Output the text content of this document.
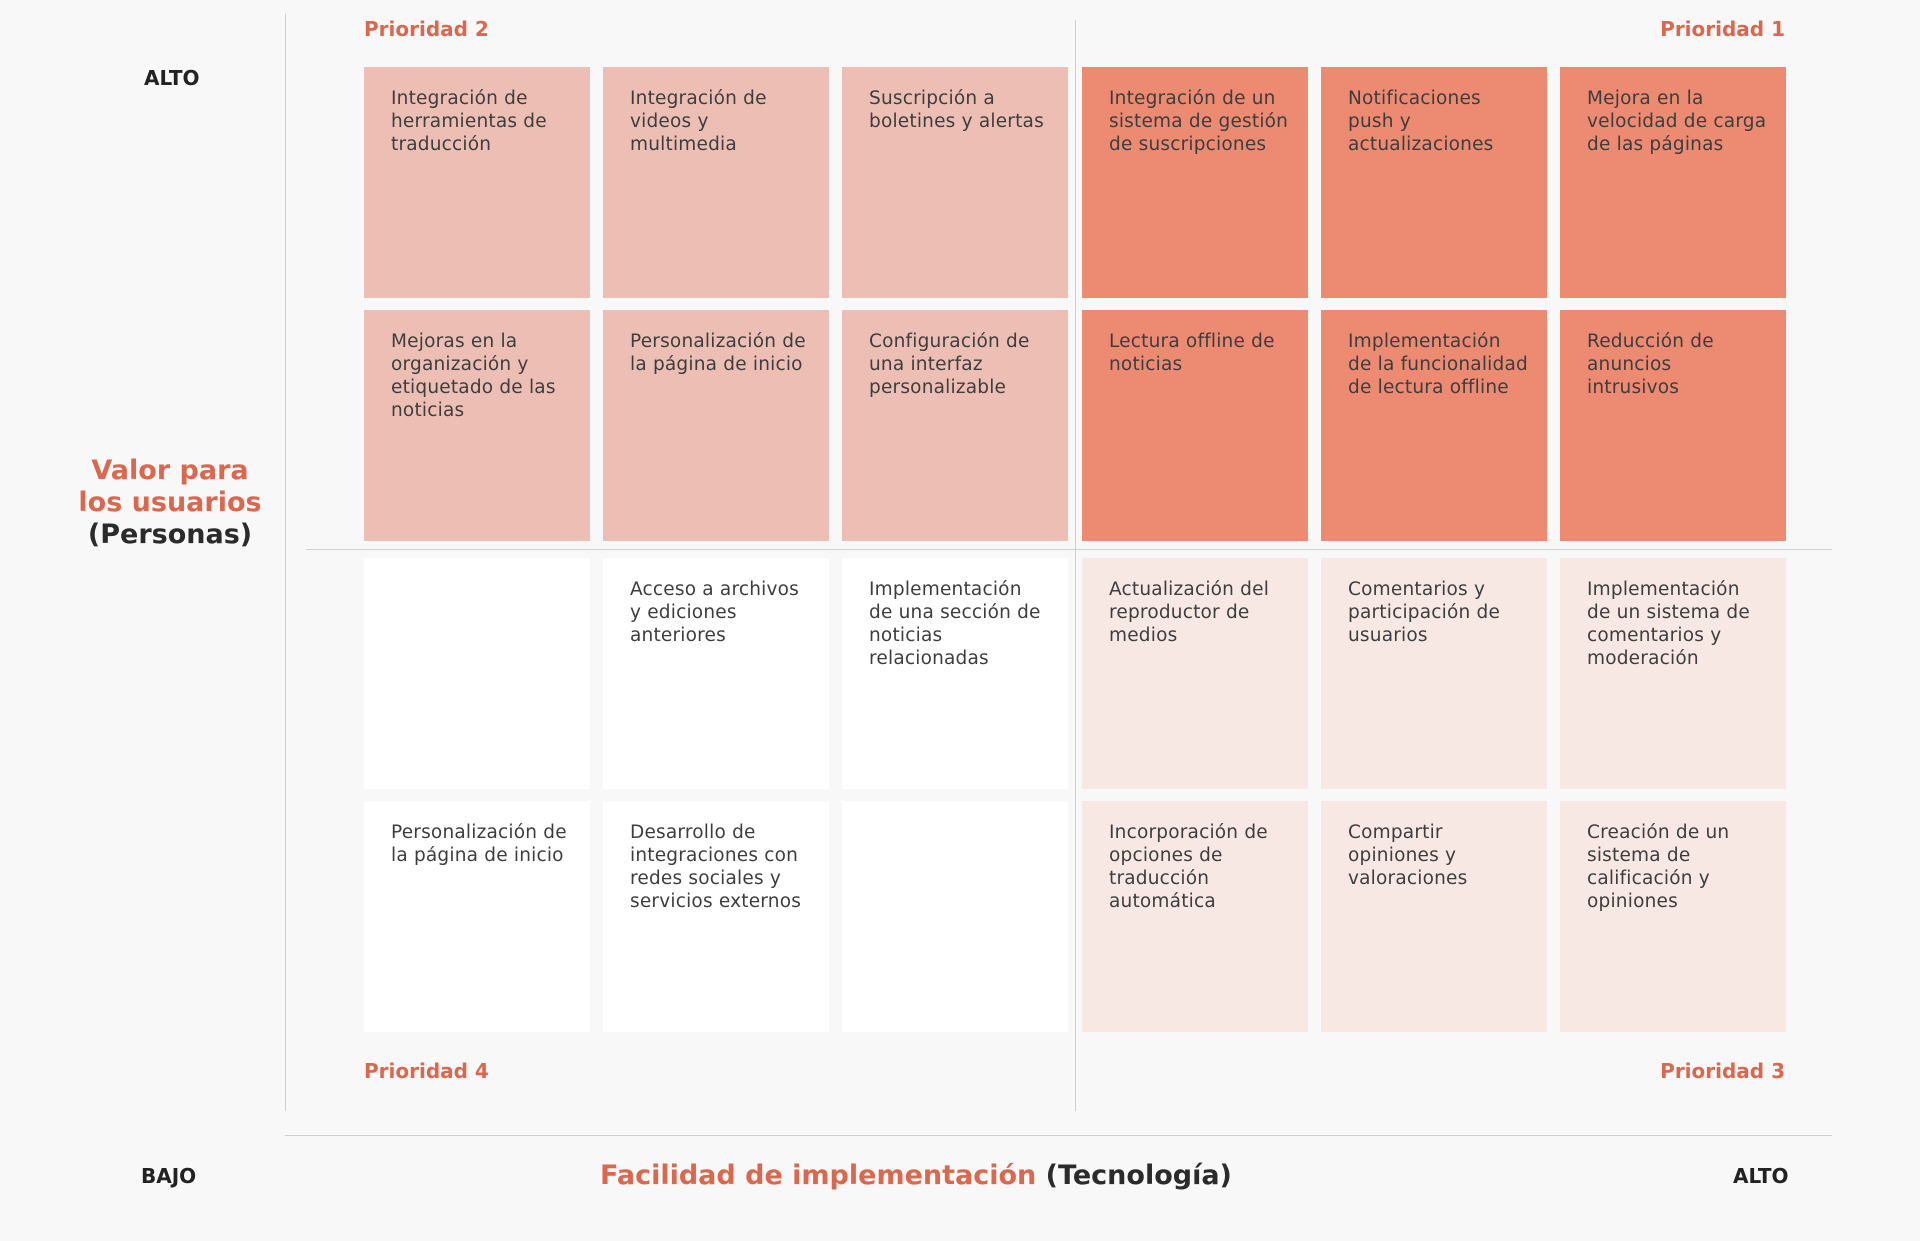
ALTO
Valor para
los usuarios
(Personas)
BAJO	ALTO
Facilidad de implementación (Tecnología)
Prioridad 2	Prioridad 1
Prioridad 4	Prioridad 3
Integración de herramientas de traducción
Integración de videos y multimedia
Suscripción a boletines y alertas
Integración de un sistema de gestión de suscripciones
Notificaciones push y actualizaciones
Mejora en la velocidad de carga de las páginas
Mejoras en la organización y etiquetado de las noticias
Personalización de la página de inicio
Configuración de una interfaz personalizable
Lectura offline de noticias
Implementación de la funcionalidad de lectura offline
Reducción de anuncios intrusivos
Acceso a archivos y ediciones anteriores
Implementación de una sección de noticias relacionadas
Actualización del reproductor de medios
Comentarios y participación de usuarios
Implementación de un sistema de comentarios y moderación
Personalización de la página de inicio
Desarrollo de integraciones con redes sociales y servicios externos
Incorporación de opciones de traducción automática
Compartir opiniones y valoraciones
Creación de un sistema de calificación y opiniones
